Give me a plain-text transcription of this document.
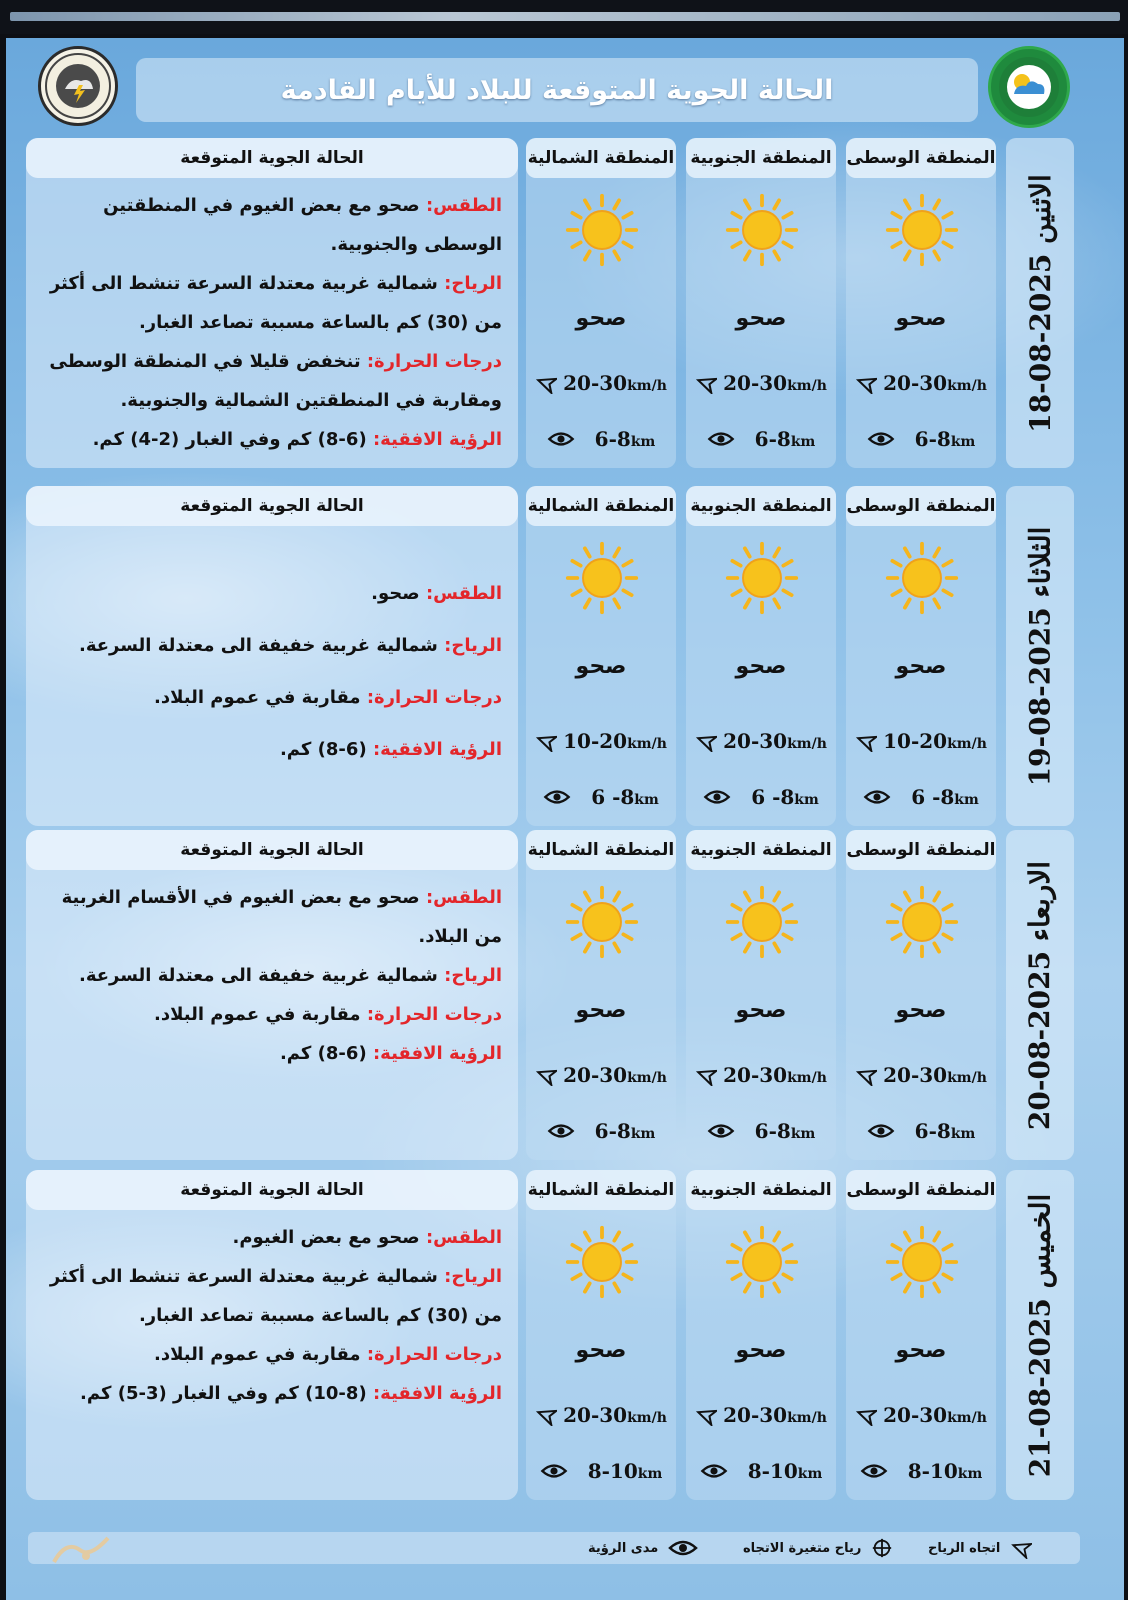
الحالة الجوية المتوقعة للبلاد للأيام القادمة
الاثنين 2025-08-18
المنطقة الوسطى
صحو
20-30km/h
6-8km
المنطقة الجنوبية
صحو
20-30km/h
6-8km
المنطقة الشمالية
صحو
20-30km/h
6-8km
الحالة الجوية المتوقعة

الطقس: صحو مع بعض الغيوم في المنطقتين الوسطى والجنوبية.

الرياح: شمالية غربية معتدلة السرعة تنشط الى أكثر من (30) كم بالساعة مسببة تصاعد الغبار.

درجات الحرارة: تنخفض قليلا في المنطقة الوسطى ومقاربة في المنطقتين الشمالية والجنوبية.

الرؤية الافقية: (6-8) كم وفي الغبار (2-4) كم.

الثلاثاء 2025-08-19
المنطقة الوسطى
صحو
10-20km/h
6 -8km
المنطقة الجنوبية
صحو
20-30km/h
6 -8km
المنطقة الشمالية
صحو
10-20km/h
6 -8km
الحالة الجوية المتوقعة

الطقس: صحو.

الرياح: شمالية غربية خفيفة الى معتدلة السرعة.

درجات الحرارة: مقاربة في عموم البلاد.

الرؤية الافقية: (6-8) كم.

الاربعاء 2025-08-20
المنطقة الوسطى
صحو
20-30km/h
6-8km
المنطقة الجنوبية
صحو
20-30km/h
6-8km
المنطقة الشمالية
صحو
20-30km/h
6-8km
الحالة الجوية المتوقعة

الطقس: صحو مع بعض الغيوم في الأقسام الغربية من البلاد.

الرياح: شمالية غربية خفيفة الى معتدلة السرعة.

درجات الحرارة: مقاربة في عموم البلاد.

الرؤية الافقية: (6-8) كم.

الخميس 2025-08-21
المنطقة الوسطى
صحو
20-30km/h
8-10km
المنطقة الجنوبية
صحو
20-30km/h
8-10km
المنطقة الشمالية
صحو
20-30km/h
8-10km
الحالة الجوية المتوقعة

الطقس: صحو مع بعض الغيوم.

الرياح: شمالية غربية معتدلة السرعة تنشط الى أكثر من (30) كم بالساعة مسببة تصاعد الغبار.

درجات الحرارة: مقاربة في عموم البلاد.

الرؤية الافقية: (8-10) كم وفي الغبار (3-5) كم.

اتجاه الرياح
رياح متغيرة الاتجاه
مدى الرؤية
